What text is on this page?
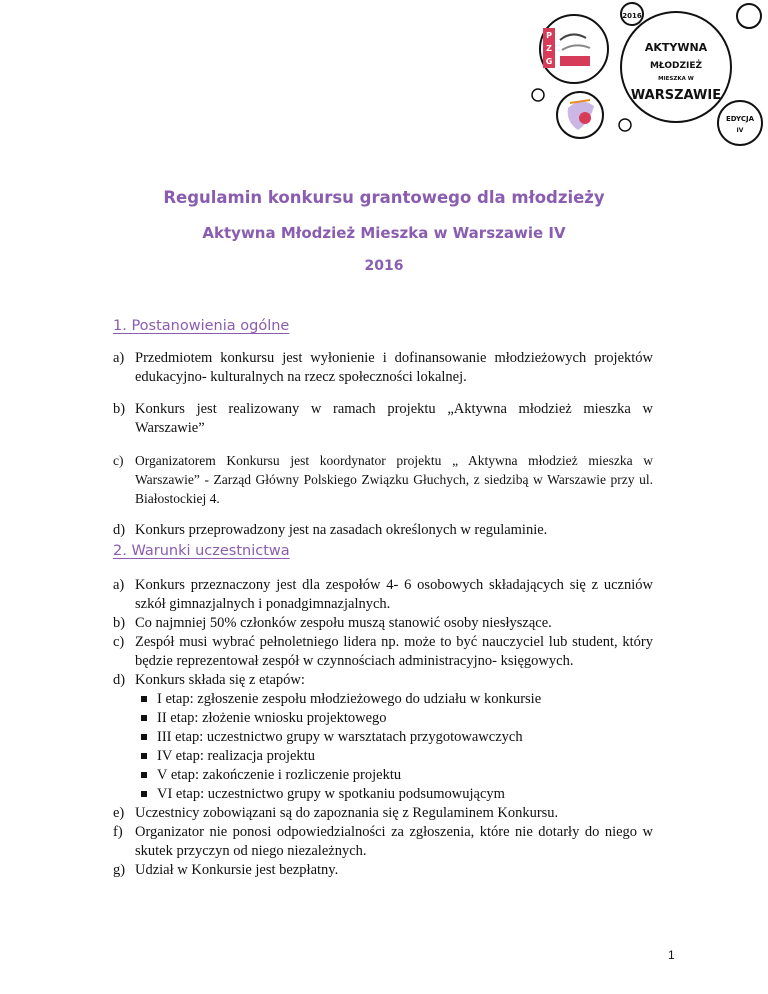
2016
AKTYWNA
MŁODZIEŻ
MIESZKA W
WARSZAWIE
P
Z
G
EDYCJA
IV
Regulamin konkursu grantowego dla młodzieży
Aktywna Młodzież Mieszka w Warszawie IV
2016
1. Postanowienia ogólne
a) Przedmiotem konkursu jest wyłonienie i dofinansowanie młodzieżowych projektów edukacyjno- kulturalnych na rzecz społeczności lokalnej.
b) Konkurs jest realizowany w ramach projektu „Aktywna młodzież mieszka w Warszawie”
c) Organizatorem Konkursu jest koordynator projektu „ Aktywna młodzież mieszka w Warszawie” - Zarząd Główny Polskiego Związku Głuchych, z siedzibą w Warszawie przy ul. Białostockiej 4.
d) Konkurs przeprowadzony jest na zasadach określonych w regulaminie.
2. Warunki uczestnictwa
a) Konkurs przeznaczony jest dla zespołów 4- 6 osobowych składających się z uczniów szkół gimnazjalnych i ponadgimnazjalnych.
b) Co najmniej 50% członków zespołu muszą stanowić osoby niesłyszące.
c) Zespół musi wybrać pełnoletniego lidera np. może to być nauczyciel lub student, który będzie reprezentował zespół w czynnościach administracyjno- księgowych.
d) Konkurs składa się z etapów:
I etap: zgłoszenie zespołu młodzieżowego do udziału w konkursie
II etap: złożenie wniosku projektowego
III etap: uczestnictwo grupy w warsztatach przygotowawczych
IV etap: realizacja projektu
V etap: zakończenie i rozliczenie projektu
VI etap: uczestnictwo grupy w spotkaniu podsumowującym
e) Uczestnicy zobowiązani są do zapoznania się z Regulaminem Konkursu.
f) Organizator nie ponosi odpowiedzialności za zgłoszenia, które nie dotarły do niego w skutek przyczyn od niego niezależnych.
g) Udział w Konkursie jest bezpłatny.
1
